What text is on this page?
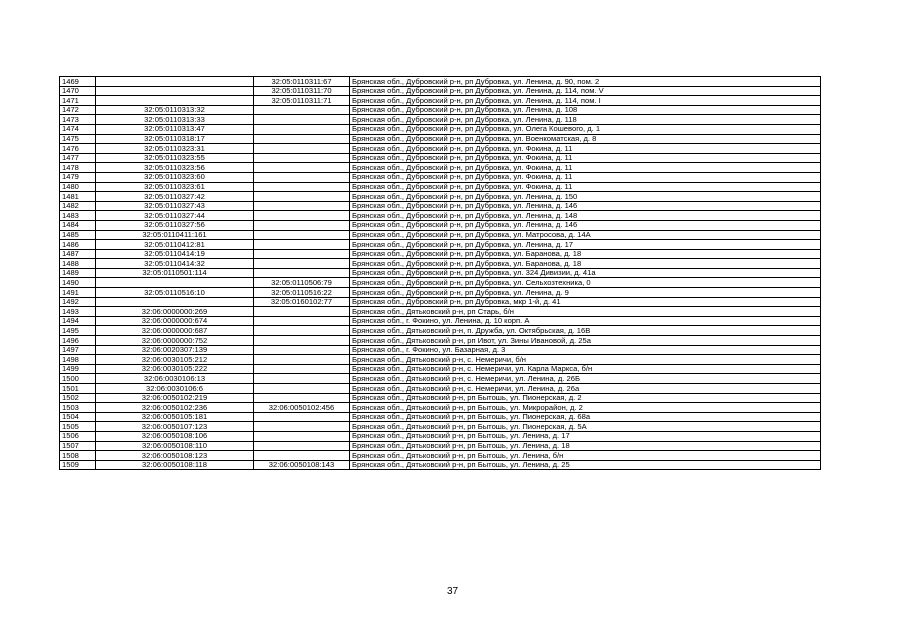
1469		32:05:0110311:67	Брянская обл., Дубровский р-н, рп Дубровка, ул. Ленина, д. 90, пом. 2
1470		32:05:0110311:70	Брянская обл., Дубровский р-н, рп Дубровка, ул. Ленина, д. 114, пом. V
1471		32:05:0110311:71	Брянская обл., Дубровский р-н, рп Дубровка, ул. Ленина, д. 114, пом. I
1472	32:05:0110313:32		Брянская обл., Дубровский р-н, рп Дубровка, ул. Ленина, д. 108
1473	32:05:0110313:33		Брянская обл., Дубровский р-н, рп Дубровка, ул. Ленина, д. 118
1474	32:05:0110313:47		Брянская обл., Дубровский р-н, рп Дубровка, ул. Олега Кошевого, д. 1
1475	32:05:0110318:17		Брянская обл., Дубровский р-н, рп Дубровка, ул. Военкоматская, д. 8
1476	32:05:0110323:31		Брянская обл., Дубровский р-н, рп Дубровка, ул. Фокина, д. 11
1477	32:05:0110323:55		Брянская обл., Дубровский р-н, рп Дубровка, ул. Фокина, д. 11
1478	32:05:0110323:56		Брянская обл., Дубровский р-н, рп Дубровка, ул. Фокина, д. 11
1479	32:05:0110323:60		Брянская обл., Дубровский р-н, рп Дубровка, ул. Фокина, д. 11
1480	32:05:0110323:61		Брянская обл., Дубровский р-н, рп Дубровка, ул. Фокина, д. 11
1481	32:05:0110327:42		Брянская обл., Дубровский р-н, рп Дубровка, ул. Ленина, д. 150
1482	32:05:0110327:43		Брянская обл., Дубровский р-н, рп Дубровка, ул. Ленина, д. 146
1483	32:05:0110327:44		Брянская обл., Дубровский р-н, рп Дубровка, ул. Ленина, д. 148
1484	32:05:0110327:56		Брянская обл., Дубровский р-н, рп Дубровка, ул. Ленина, д. 146
1485	32:05:0110411:161		Брянская обл., Дубровский р-н, рп Дубровка, ул. Матросова, д. 14А
1486	32:05:0110412:81		Брянская обл., Дубровский р-н, рп Дубровка, ул. Ленина, д. 17
1487	32:05:0110414:19		Брянская обл., Дубровский р-н, рп Дубровка, ул. Баранова, д. 18
1488	32:05:0110414:32		Брянская обл., Дубровский р-н, рп Дубровка, ул. Баранова, д. 18
1489	32:05:0110501:114		Брянская обл., Дубровский р-н, рп Дубровка, ул. 324 Дивизии, д. 41а
1490		32:05:0110506:79	Брянская обл., Дубровский р-н, рп Дубровка, ул. Сельхозтехника, 0
1491	32:05:0110516:10	32:05:0110516:22	Брянская обл., Дубровский р-н, рп Дубровка, ул. Ленина, д. 9
1492		32:05:0160102:77	Брянская обл., Дубровский р-н, рп Дубровка, мкр 1-й, д. 41
1493	32:06:0000000:269		Брянская обл., Дятьковский р-н, рп Старь, б/н
1494	32:06:0000000:674		Брянская обл., г. Фокино, ул. Ленина, д. 10 корп. А
1495	32:06:0000000:687		Брянская обл., Дятьковский р-н, п. Дружба, ул. Октябрьская, д. 16В
1496	32:06:0000000:752		Брянская обл., Дятьковский р-н, рп Ивот, ул. Зины Ивановой, д. 25а
1497	32:06:0020307:139		Брянская обл., г. Фокино, ул. Базарная, д. 3
1498	32:06:0030105:212		Брянская обл., Дятьковский р-н, с. Немеричи, б/н
1499	32:06:0030105:222		Брянская обл., Дятьковский р-н, с. Немеричи, ул. Карла Маркса, б/н
1500	32:06:0030106:13		Брянская обл., Дятьковский р-н, с. Немеричи, ул. Ленина, д. 26Б
1501	32:06:0030106:6		Брянская обл., Дятьковский р-н, с. Немеричи, ул. Ленина, д. 26а
1502	32:06:0050102:219		Брянская обл., Дятьковский р-н, рп Бытошь, ул. Пионерская, д. 2
1503	32:06:0050102:236	32:06:0050102:456	Брянская обл., Дятьковский р-н, рп Бытошь, ул. Микрорайон, д. 2
1504	32:06:0050105:181		Брянская обл., Дятьковский р-н, рп Бытошь, ул. Пионерская, д. 68а
1505	32:06:0050107:123		Брянская обл., Дятьковский р-н, рп Бытошь, ул. Пионерская, д. 5А
1506	32:06:0050108:106		Брянская обл., Дятьковский р-н, рп Бытошь, ул. Ленина, д. 17
1507	32:06:0050108:110		Брянская обл., Дятьковский р-н, рп Бытошь, ул. Ленина, д. 18
1508	32:06:0050108:123		Брянская обл., Дятьковский р-н, рп Бытошь, ул. Ленина, б/н
1509	32:06:0050108:118	32:06:0050108:143	Брянская обл., Дятьковский р-н, рп Бытошь, ул. Ленина, д. 25
37
